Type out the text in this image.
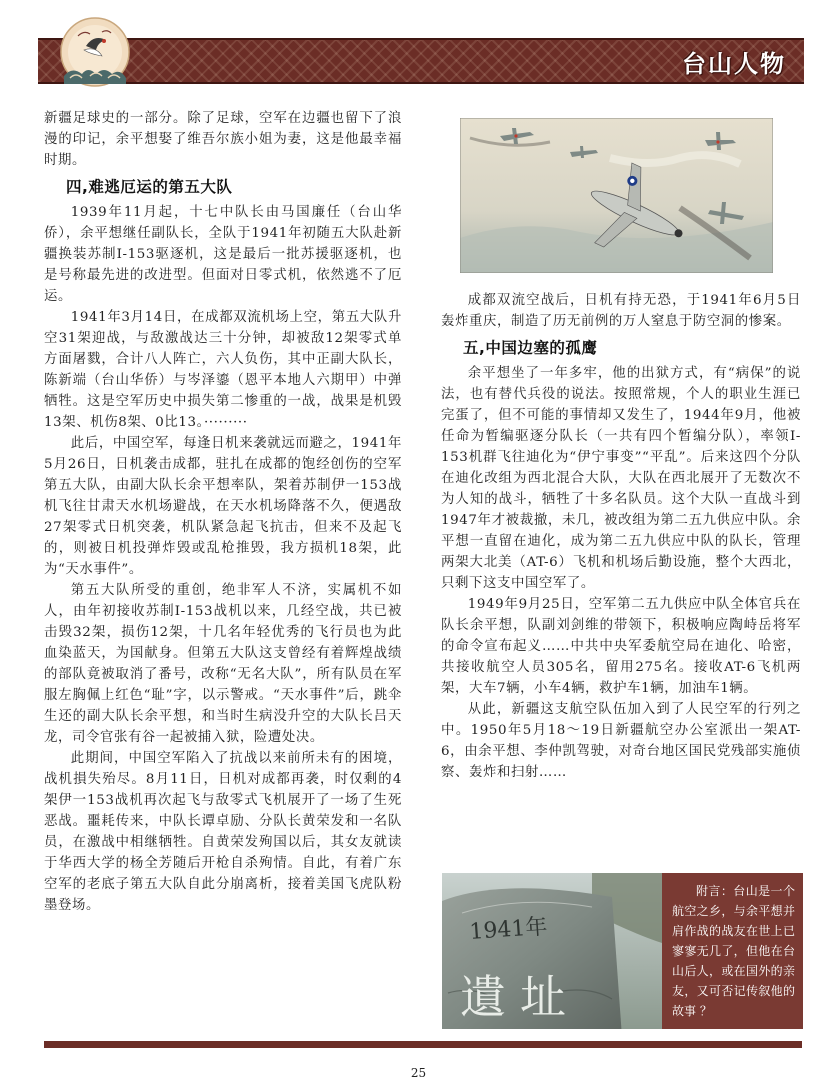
台山人物

新疆足球史的一部分。除了足球，空军在边疆也留下了浪漫的印记，余平想娶了维吾尔族小姐为妻，这是他最幸福时期。

四,难逃厄运的第五大队

1939年11月起，十七中队长由马国廉任（台山华侨），余平想继任副队长，全队于1941年初随五大队赴新疆换装苏制I-153驱逐机，这是最后一批苏援驱逐机，也是号称最先进的改进型。但面对日零式机，依然逃不了厄运。

1941年3月14日，在成都双流机场上空，第五大队升空31架迎战，与敌激战达三十分钟，却被敌12架零式单方面屠戮，合计八人阵亡，六人负伤，其中正副大队长，陈新端（台山华侨）与岑泽鎏（恩平本地人六期甲）中弹牺牲。这是空军历史中损失第二惨重的一战，战果是机毁13架、机伤8架、0比13。·········

此后，中国空军，每逢日机来袭就远而避之，1941年5月26日，日机袭击成都，驻扎在成都的饱经创伤的空军第五大队，由副大队长余平想率队，架着苏制伊一153战机飞往甘肃天水机场避战，在天水机场降落不久，便遇敌27架零式日机突袭，机队紧急起飞抗击，但来不及起飞的，则被日机投弹炸毁或乱枪推毁，我方损机18架，此为“天水事件”。

第五大队所受的重创，绝非军人不济，实属机不如人，由年初接收苏制I-153战机以来，几经空战，共已被击毁32架，损伤12架，十几名年轻优秀的飞行员也为此血染蓝天，为国献身。但第五大队这支曾经有着辉煌战绩的部队竟被取消了番号，改称“无名大队”，所有队员在军服左胸佩上红色“耻”字，以示警戒。“天水事件”后，跳伞生还的副大队长余平想，和当时生病没升空的大队长吕天龙，司令官张有谷一起被捕入狱，险遭处决。

此期间，中国空军陷入了抗战以来前所未有的困境，战机損失殆尽。8月11日，日机对成都再袭，时仅剩的4架伊一153战机再次起飞与敌零式飞机展开了一场了生死恶战。噩耗传来，中队长谭卓励、分队长黄荣发和一名队员，在激战中相继牺牲。自黄荣发殉国以后，其女友就读于华西大学的杨全芳随后开枪自杀殉情。自此，有着广东空军的老底子第五大队自此分崩离析，接着美国飞虎队粉墨登场。

成都双流空战后，日机有持无恐，于1941年6月5日轰炸重庆，制造了历无前例的万人窒息于防空洞的惨案。

五,中国边塞的孤鹰

余平想坐了一年多牢，他的出狱方式，有“病保”的说法，也有替代兵役的说法。按照常规，个人的职业生涯已完蛋了，但不可能的事情却又发生了，1944年9月，他被任命为暂编驱逐分队长（一共有四个暂编分队），率领I-153机群飞往迪化为“伊宁事变”“平乱”。后来这四个分队在迪化改组为西北混合大队，大队在西北展开了无数次不为人知的战斗，牺牲了十多名队员。这个大队一直战斗到1947年才被裁撤，未几，被改组为第二五九供应中队。余平想一直留在迪化，成为第二五九供应中队的队长，管理两架大北美（AT-6）飞机和机场后勤设施，整个大西北，只剩下这支中国空军了。

1949年9月25日，空军第二五九供应中队全体官兵在队长余平想，队副刘剑维的带领下，积极响应陶峙岳将军的命令宣布起义……中共中央军委航空局在迪化、哈密，共接收航空人员305名，留用275名。接收AT-6飞机两架，大车7辆，小车4辆，救护车1辆，加油车1辆。

从此，新疆这支航空队伍加入到了人民空军的行列之中。1950年5月18～19日新疆航空办公室派出一架AT-6，由余平想、李仲凯驾驶，对奇台地区国民党残部实施侦察、轰炸和扫射……

1941年
遺址
附言：台山是一个航空之乡，与余平想并肩作战的战友在世上已寥寥无几了，但他在台山后人，或在国外的亲友，又可否记传叙他的故事 ？
25
